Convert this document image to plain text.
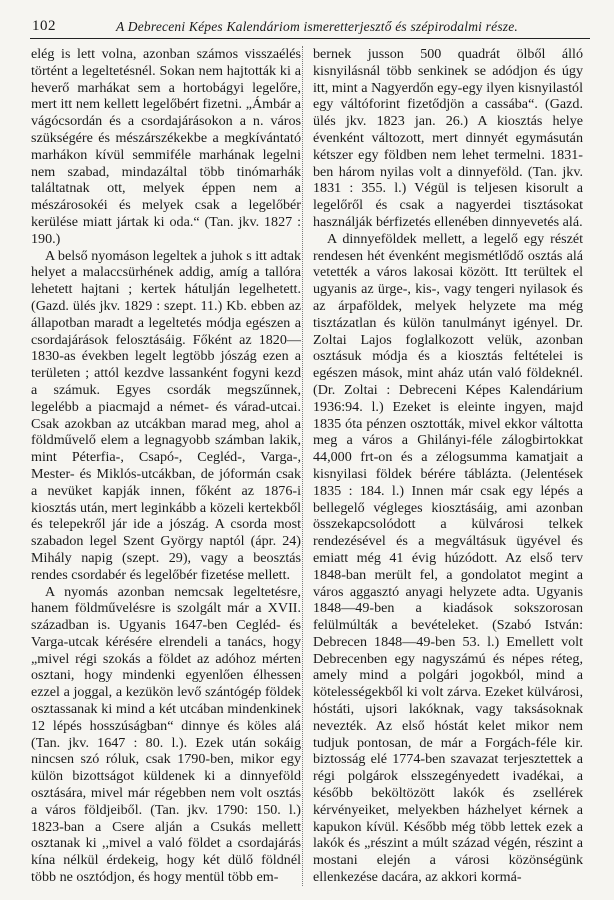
102	A Debreceni Képes Kalendáriom ismeretterjesztő és szépirodalmi része.

elég is lett volna, azonban számos visszaélés történt a legeltetésnél. Sokan nem hajtották ki a heverő marhákat sem a hortobágyi legelőre, mert itt nem kellett legelőbért fizetni. „Ámbár a vágócsordán és a csordajárásokon a n. város szükségére és mészárszékekbe a megkívántató marhákon kívül semmiféle marhának legelni nem szabad, mindazáltal több tinómarhák találtatnak ott, melyek éppen nem a mészárosokéi és melyek csak a legelőbér kerülése miatt jártak ki oda.“ (Tan. jkv. 1827 : 190.)

A belső nyomáson legeltek a juhok s itt adtak helyet a malaccsürhének addig, amíg a tallóra lehetett hajtani ; kertek hátulján legelhetett. (Gazd. ülés jkv. 1829 : szept. 11.) Kb. ebben az állapotban maradt a legeltetés módja egészen a csordajárások felosztásáig. Főként az 1820—1830-as években legelt legtöbb jószág ezen a területen ; attól kezdve lassanként fogyni kezd a számuk. Egyes csordák megszűnnek, legelébb a piacmajd a német- és várad-utcai. Csak azokban az utcákban marad meg, ahol a földművelő elem a legnagyobb számban lakik, mint Péterfia-, Csapó-, Cegléd-, Varga-, Mester- és Miklós-utcákban, de jóformán csak a nevüket kapják innen, főként az 1876-i kiosztás után, mert leginkább a közeli kertekből és telepekről jár ide a jószág. A csorda most szabadon legel Szent György naptól (ápr. 24) Mihály napig (szept. 29), vagy a beosztás rendes csordabér és legelőbér fizetése mellett.

A nyomás azonban nemcsak legeltetésre, hanem földművelésre is szolgált már a XVII. században is. Ugyanis 1647-ben Cegléd- és Varga-utcak kérésére elrendeli a tanács, hogy „mivel régi szokás a földet az adóhoz mérten osztani, hogy mindenki egyenlően élhessen ezzel a joggal, a kezükön levő szántógép földek osztassanak ki mind a két utcában mindenkinek 12 lépés hosszúságban“ dinnye és köles alá (Tan. jkv. 1647 : 80. l.). Ezek után sokáig nincsen szó róluk, csak 1790-ben, mikor egy külön bizottságot küldenek ki a dinnyeföld osztására, mivel már régebben nem volt osztás a város földjeiből. (Tan. jkv. 1790: 150. l.) 1823-ban a Csere alján a Csukás mellett osztanak ki ,,mivel a való földet a csordajárás kína nélkül érdekeig, hogy két dülő földnél több ne osztódjon, és hogy mentül több em-

bernek jusson 500 quadrát ölből álló kisnyilásnál több senkinek se adódjon és úgy itt, mint a Nagyerdőn egy-egy ilyen kisnyilastól egy váltóforint fizetődjön a cassába“. (Gazd. ülés jkv. 1823 jan. 26.) A kiosztás helye évenként változott, mert dinnyét egymásután kétszer egy földben nem lehet termelni. 1831-ben három nyilas volt a dinnyeföld. (Tan. jkv. 1831 : 355. l.) Végül is teljesen kisorult a legelőről és csak a nagyerdei tisztásokat használják bérfizetés ellenében dinnyevetés alá.

A dinnyeföldek mellett, a legelő egy részét rendesen hét évenként megismétlődő osztás alá vetették a város lakosai között. Itt terültek el ugyanis az ürge-, kis-, vagy tengeri nyilasok és az árpaföldek, melyek helyzete ma még tisztázatlan és külön tanulmányt igényel. Dr. Zoltai Lajos foglalkozott velük, azonban osztásuk módja és a kiosztás feltételei is egészen mások, mint aház után való földeknél. (Dr. Zoltai : Debreceni Képes Kalendárium 1936:94. l.) Ezeket is eleinte ingyen, majd 1835 óta pénzen osztották, mivel ekkor váltotta meg a város a Ghilányi-féle zálogbirtokkat 44,000 frt-on és a zélogsumma kamatjait a kisnyilasi földek bérére táblázta. (Jelentések 1835 : 184. l.) Innen már csak egy lépés a bellegelő végleges kiosztásáig, ami azonban összekapcsolódott a külvárosi telkek rendezésével és a megváltásuk ügyével és emiatt még 41 évig húzódott. Az első terv 1848-ban merült fel, a gondolatot megint a város aggasztó anyagi helyzete adta. Ugyanis 1848—49-ben a kiadások sokszorosan felülmúlták a bevételeket. (Szabó István: Debrecen 1848—49-ben 53. l.) Emellett volt Debrecenben egy nagyszámú és népes réteg, amely mind a polgári jogokból, mind a kötelességekből ki volt zárva. Ezeket külvárosi, hóstáti, ujsori lakóknak, vagy taksásoknak nevezték. Az első hóstát kelet mikor nem tudjuk pontosan, de már a Forgách-féle kir. biztosság elé 1774-ben szavazat terjesztettek a régi polgárok elsszegényedett ivadékai, a később beköltözött lakók és zsellérek kérvényeiket, melyekben házhelyet kérnek a kapukon kívül. Később még több lettek ezek a lakók és „részint a múlt század végén, részint a mostani elején a városi közönségünk ellenkezése dacára, az akkori kormá-
